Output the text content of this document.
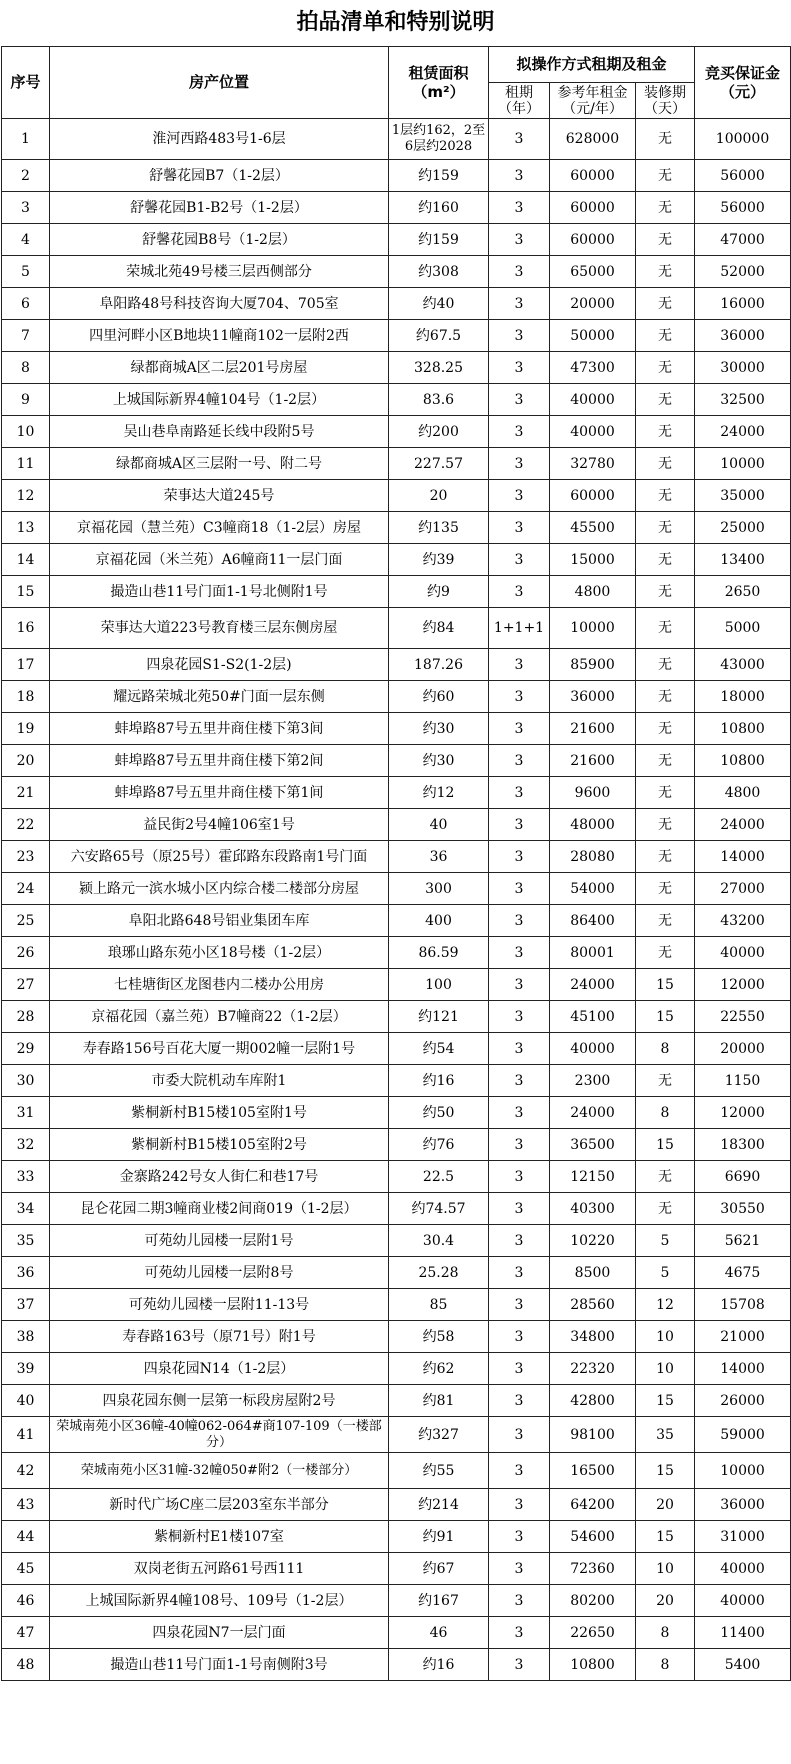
拍品清单和特别说明
序号	房产位置	租赁面积（m²）	拟操作方式租期及租金			竞买保证金（元）
			租期（年）	参考年租金（元/年）	装修期（天）	
1	淮河西路483号1-6层	1层约162，2至6层约2028	3	628000	无	100000
2	舒馨花园B7（1-2层）	约159	3	60000	无	56000
3	舒馨花园B1-B2号（1-2层）	约160	3	60000	无	56000
4	舒馨花园B8号（1-2层）	约159	3	60000	无	47000
5	荣城北苑49号楼三层西侧部分	约308	3	65000	无	52000
6	阜阳路48号科技咨询大厦704、705室	约40	3	20000	无	16000
7	四里河畔小区B地块11幢商102一层附2西	约67.5	3	50000	无	36000
8	绿都商城A区二层201号房屋	328.25	3	47300	无	30000
9	上城国际新界4幢104号（1-2层）	83.6	3	40000	无	32500
10	吴山巷阜南路延长线中段附5号	约200	3	40000	无	24000
11	绿都商城A区三层附一号、附二号	227.57	3	32780	无	10000
12	荣事达大道245号	20	3	60000	无	35000
13	京福花园（慧兰苑）C3幢商18（1-2层）房屋	约135	3	45500	无	25000
14	京福花园（米兰苑）A6幢商11一层门面	约39	3	15000	无	13400
15	撮造山巷11号门面1-1号北侧附1号	约9	3	4800	无	2650
16	荣事达大道223号教育楼三层东侧房屋	约84	1+1+1	10000	无	5000
17	四泉花园S1-S2(1-2层)	187.26	3	85900	无	43000
18	耀远路荣城北苑50#门面一层东侧	约60	3	36000	无	18000
19	蚌埠路87号五里井商住楼下第3间	约30	3	21600	无	10800
20	蚌埠路87号五里井商住楼下第2间	约30	3	21600	无	10800
21	蚌埠路87号五里井商住楼下第1间	约12	3	9600	无	4800
22	益民街2号4幢106室1号	40	3	48000	无	24000
23	六安路65号（原25号）霍邱路东段路南1号门面	36	3	28080	无	14000
24	颍上路元一滨水城小区内综合楼二楼部分房屋	300	3	54000	无	27000
25	阜阳北路648号铝业集团车库	400	3	86400	无	43200
26	琅琊山路东苑小区18号楼（1-2层）	86.59	3	80001	无	40000
27	七桂塘街区龙图巷内二楼办公用房	100	3	24000	15	12000
28	京福花园（嘉兰苑）B7幢商22（1-2层）	约121	3	45100	15	22550
29	寿春路156号百花大厦一期002幢一层附1号	约54	3	40000	8	20000
30	市委大院机动车库附1	约16	3	2300	无	1150
31	紫桐新村B15楼105室附1号	约50	3	24000	8	12000
32	紫桐新村B15楼105室附2号	约76	3	36500	15	18300
33	金寨路242号女人街仁和巷17号	22.5	3	12150	无	6690
34	昆仑花园二期3幢商业楼2间商019（1-2层）	约74.57	3	40300	无	30550
35	可苑幼儿园楼一层附1号	30.4	3	10220	5	5621
36	可苑幼儿园楼一层附8号	25.28	3	8500	5	4675
37	可苑幼儿园楼一层附11-13号	85	3	28560	12	15708
38	寿春路163号（原71号）附1号	约58	3	34800	10	21000
39	四泉花园N14（1-2层）	约62	3	22320	10	14000
40	四泉花园东侧一层第一标段房屋附2号	约81	3	42800	15	26000
41	荣城南苑小区36幢-40幢062-064#商107-109（一楼部分）	约327	3	98100	35	59000
42	荣城南苑小区31幢-32幢050#附2（一楼部分）	约55	3	16500	15	10000
43	新时代广场C座二层203室东半部分	约214	3	64200	20	36000
44	紫桐新村E1楼107室	约91	3	54600	15	31000
45	双岗老街五河路61号西111	约67	3	72360	10	40000
46	上城国际新界4幢108号、109号（1-2层）	约167	3	80200	20	40000
47	四泉花园N7一层门面	46	3	22650	8	11400
48	撮造山巷11号门面1-1号南侧附3号	约16	3	10800	8	5400
